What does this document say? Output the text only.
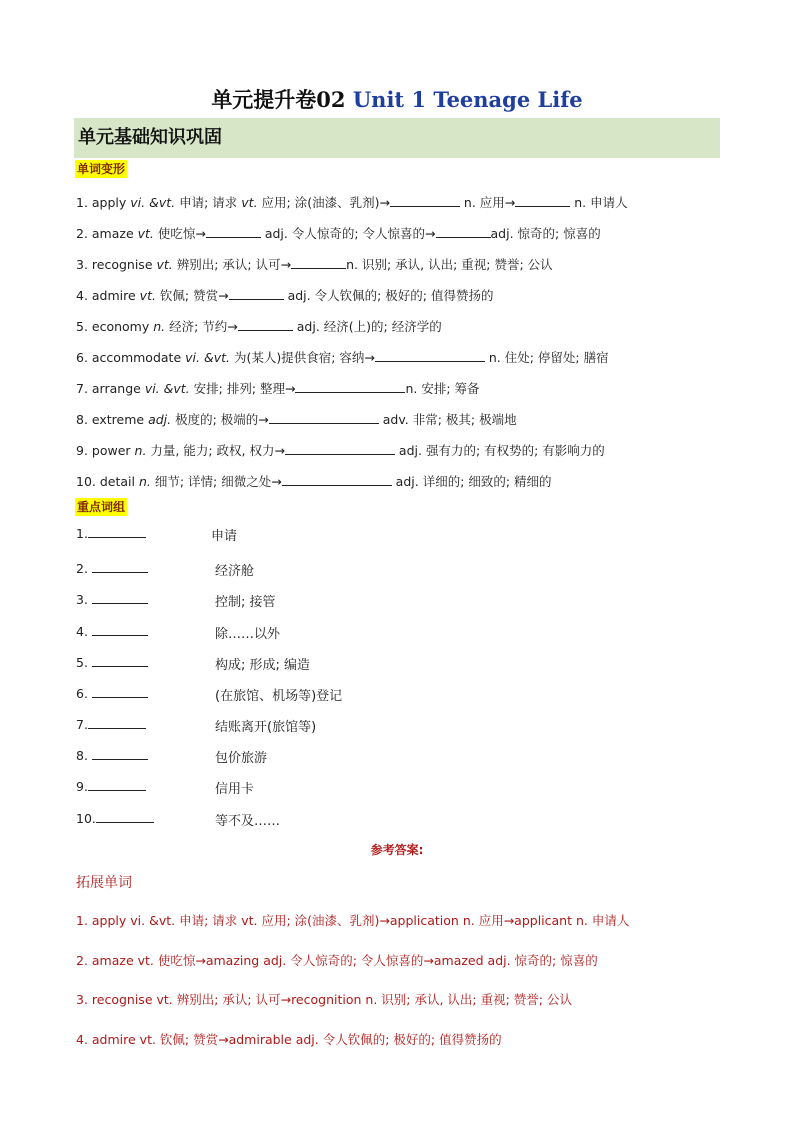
单元提升卷02 Unit 1 Teenage Life
单元基础知识巩固
单词变形
1. apply vi. &vt. 申请; 请求 vt. 应用; 涂(油漆、乳剂)→	n. 应用→	n. 申请人
2. amaze vt. 使吃惊→	adj. 令人惊奇的; 令人惊喜的→	adj. 惊奇的; 惊喜的
3. recognise vt. 辨别出; 承认; 认可→	n. 识别; 承认, 认出; 重视; 赞誉; 公认
4. admire vt. 钦佩; 赞赏→	adj. 令人钦佩的; 极好的; 值得赞扬的
5. economy n. 经济; 节约→	adj. 经济(上)的; 经济学的
6. accommodate vi. &vt. 为(某人)提供食宿; 容纳→	n. 住处; 停留处; 膳宿
7. arrange vi. &vt. 安排; 排列; 整理→	n. 安排; 筹备
8. extreme adj. 极度的; 极端的→	adv. 非常; 极其; 极端地
9. power n. 力量, 能力; 政权, 权力→	adj. 强有力的; 有权势的; 有影响力的
10. detail n. 细节; 详情; 细微之处→	adj. 详细的; 细致的; 精细的
重点词组
1.	申请
2.	经济舱
3.	控制; 接管
4.	除……以外
5.	构成; 形成; 编造
6.	(在旅馆、机场等)登记
7.	结账离开(旅馆等)
8.	包价旅游
9.	信用卡
10.	等不及……
参考答案:
拓展单词
1. apply vi. &vt. 申请; 请求 vt. 应用; 涂(油漆、乳剂)→application n. 应用→applicant n. 申请人
2. amaze vt. 使吃惊→amazing adj. 令人惊奇的; 令人惊喜的→amazed adj. 惊奇的; 惊喜的
3. recognise vt. 辨别出; 承认; 认可→recognition n. 识别; 承认, 认出; 重视; 赞誉; 公认
4. admire vt. 钦佩; 赞赏→admirable adj. 令人钦佩的; 极好的; 值得赞扬的
